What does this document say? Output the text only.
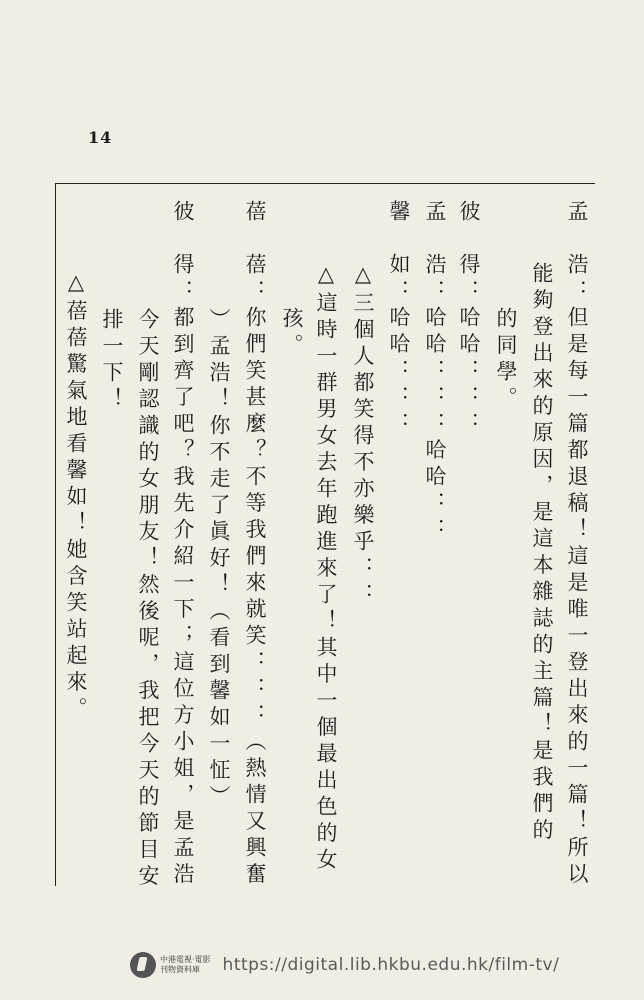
14
孟　浩：但是每一篇都退稿！這是唯一登出來的一篇！所以
能夠登出來的原因，是這本雜誌的主篇！是我們的
的同學。
彼　得：哈哈：：：
孟　浩：哈哈：：：哈哈：：
馨　如：哈哈：：：
△三個人都笑得不亦樂乎：：
△這時一群男女去年跑進來了！其中一個最出色的女
孩。
蓓　蓓：你們笑甚麼？不等我們來就笑：：：（熱情又興奮
）孟浩！你不走了眞好！（看到馨如一怔）
彼　得：都到齊了吧？我先介紹一下；這位方小姐，是孟浩
今天剛認識的女朋友！然後呢，我把今天的節目安
排一下！
△蓓蓓驚氣地看馨如！她含笑站起來。
中港電視·電影
刊物資料庫	https://digital.lib.hkbu.edu.hk/film-tv/
